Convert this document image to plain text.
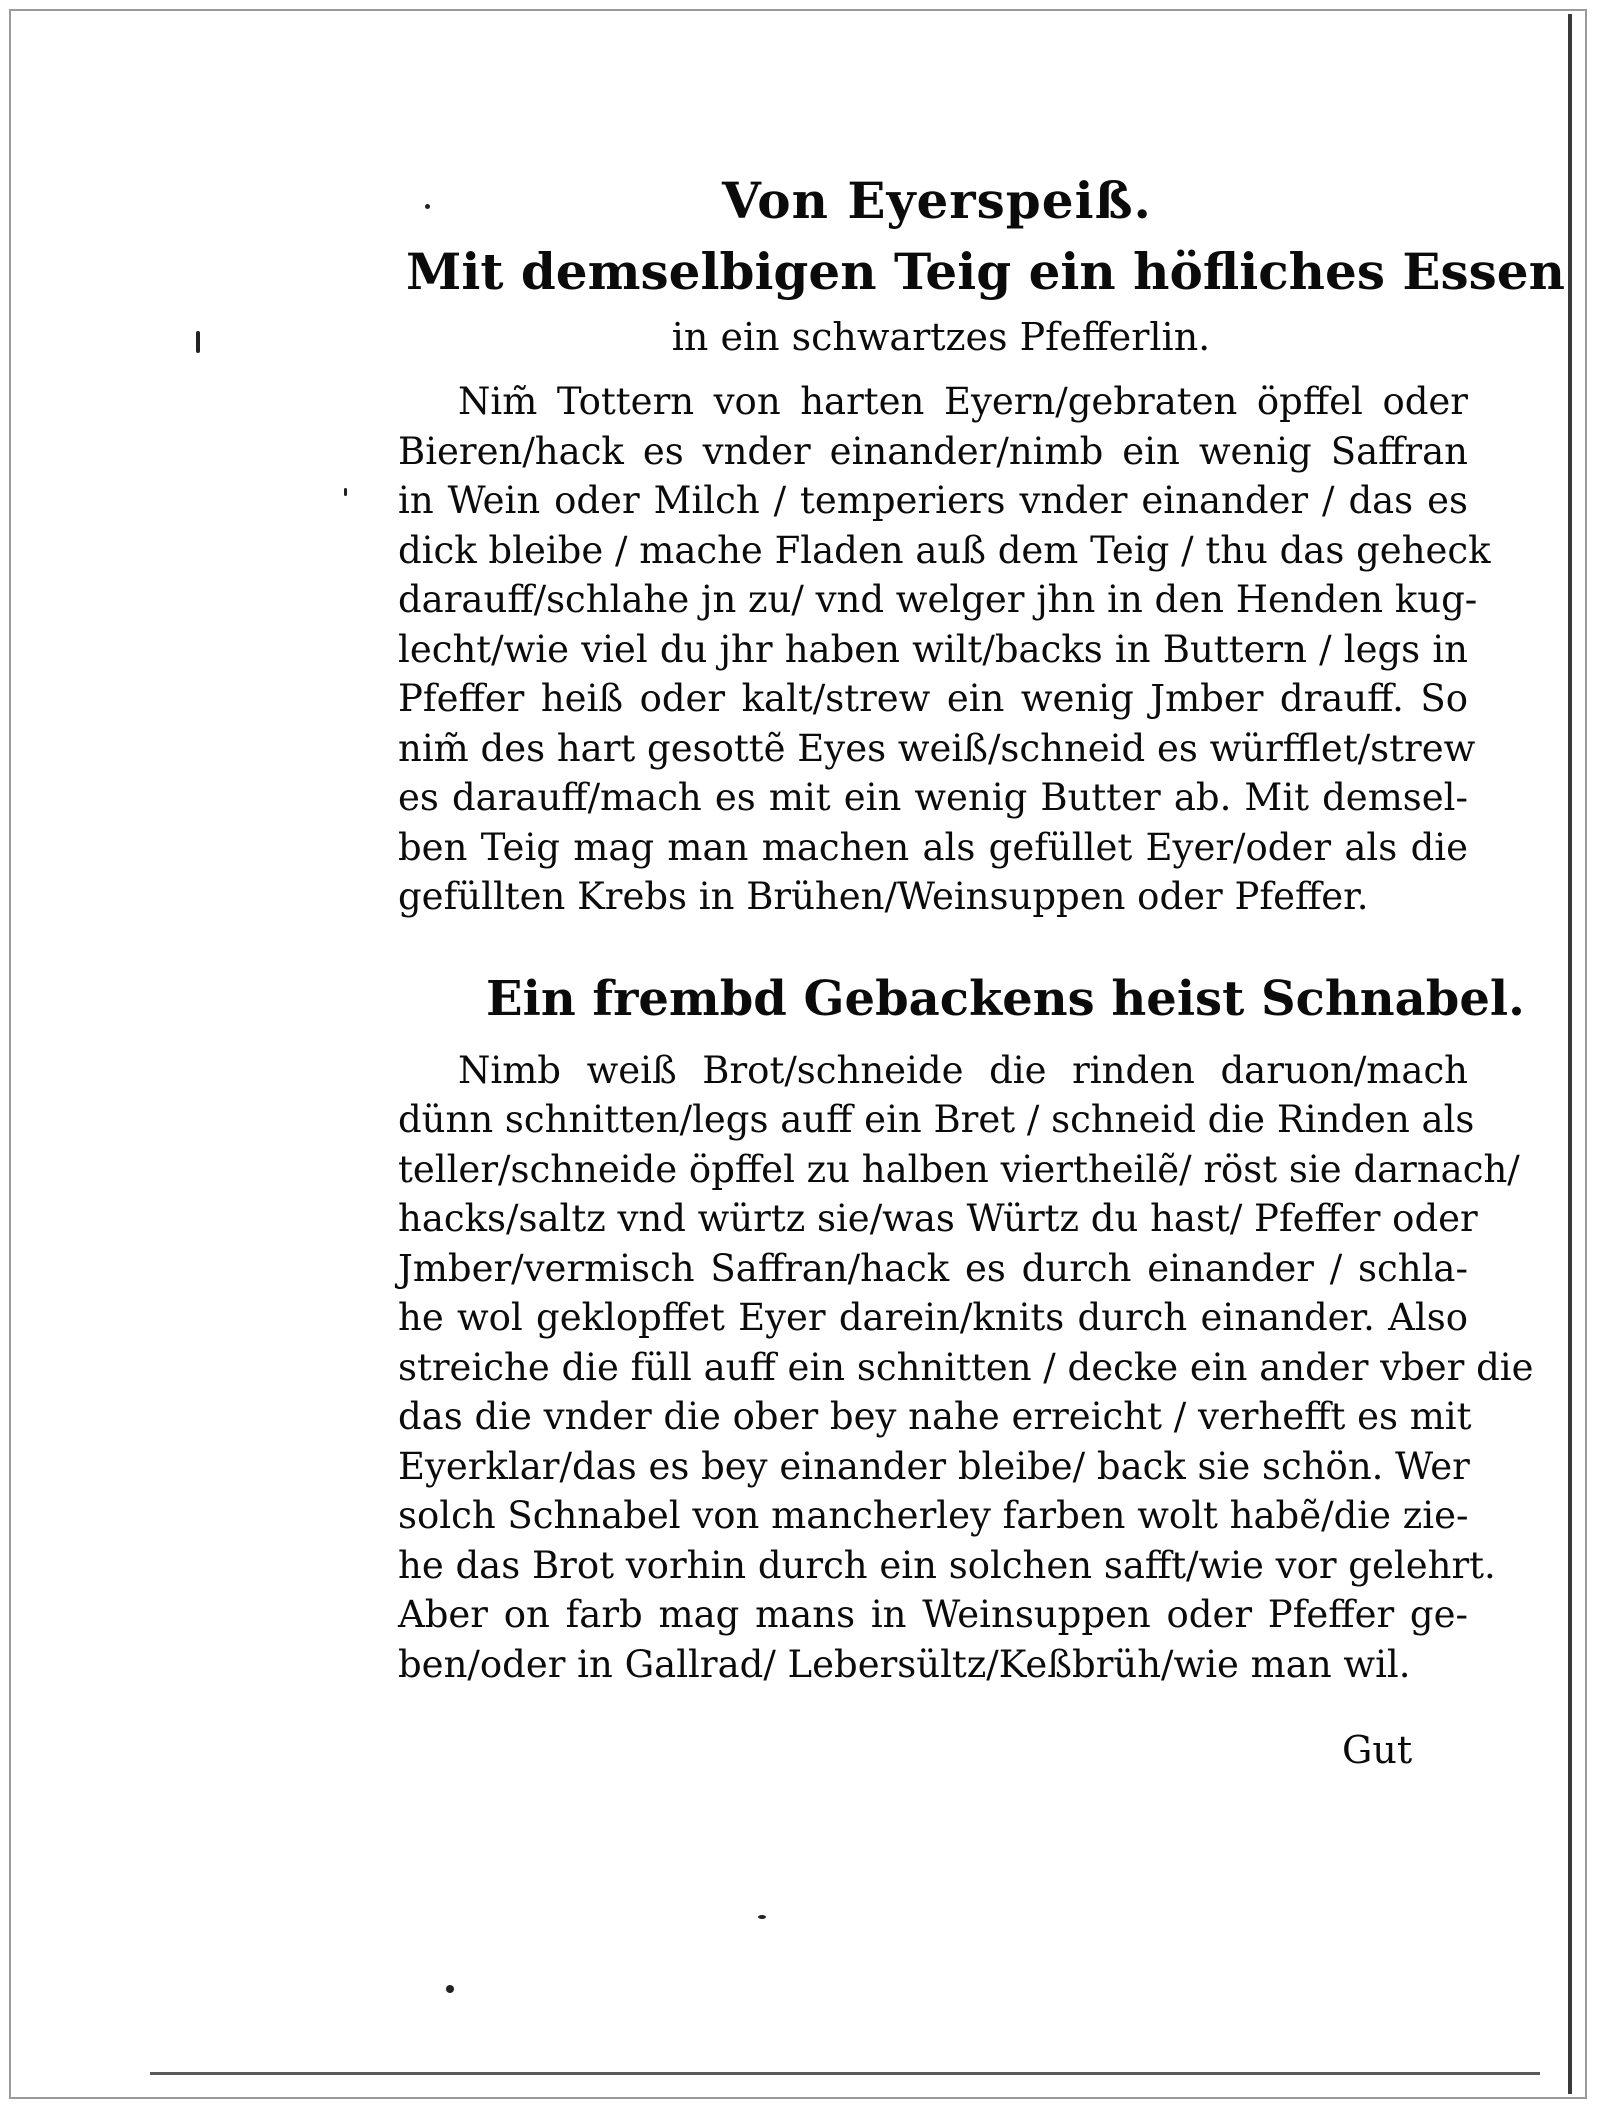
Von Eyerspeiß.
Mit demselbigen Teig ein höfliches Essen
in ein schwartzes Pfefferlin.
Nim̃ Tottern von harten Eyern/gebraten öpffel oder
Bieren/hack es vnder einander/nimb ein wenig Saffran
in Wein oder Milch / temperiers vnder einander / das es
dick bleibe / mache Fladen auß dem Teig / thu das geheck
darauff/schlahe jn zu/ vnd welger jhn in den Henden kug-
lecht/wie viel du jhr haben wilt/backs in Buttern / legs in
Pfeffer heiß oder kalt/strew ein wenig Jmber drauff. So
nim̃ des hart gesottẽ Eyes weiß/schneid es würfflet/strew
es darauff/mach es mit ein wenig Butter ab. Mit demsel-
ben Teig mag man machen als gefüllet Eyer/oder als die
gefüllten Krebs in Brühen/Weinsuppen oder Pfeffer.
Ein frembd Gebackens heist Schnabel.
Nimb weiß Brot/schneide die rinden daruon/mach
dünn schnitten/legs auff ein Bret / schneid die Rinden als
teller/schneide öpffel zu halben viertheilẽ/ röst sie darnach/
hacks/saltz vnd würtz sie/was Würtz du hast/ Pfeffer oder
Jmber/vermisch Saffran/hack es durch einander / schla-
he wol geklopffet Eyer darein/knits durch einander. Also
streiche die füll auff ein schnitten / decke ein ander vber die
das die vnder die ober bey nahe erreicht / verhefft es mit
Eyerklar/das es bey einander bleibe/ back sie schön. Wer
solch Schnabel von mancherley farben wolt habẽ/die zie-
he das Brot vorhin durch ein solchen safft/wie vor gelehrt.
Aber on farb mag mans in Weinsuppen oder Pfeffer ge-
ben/oder in Gallrad/ Lebersültz/Keßbrüh/wie man wil.
Gut
